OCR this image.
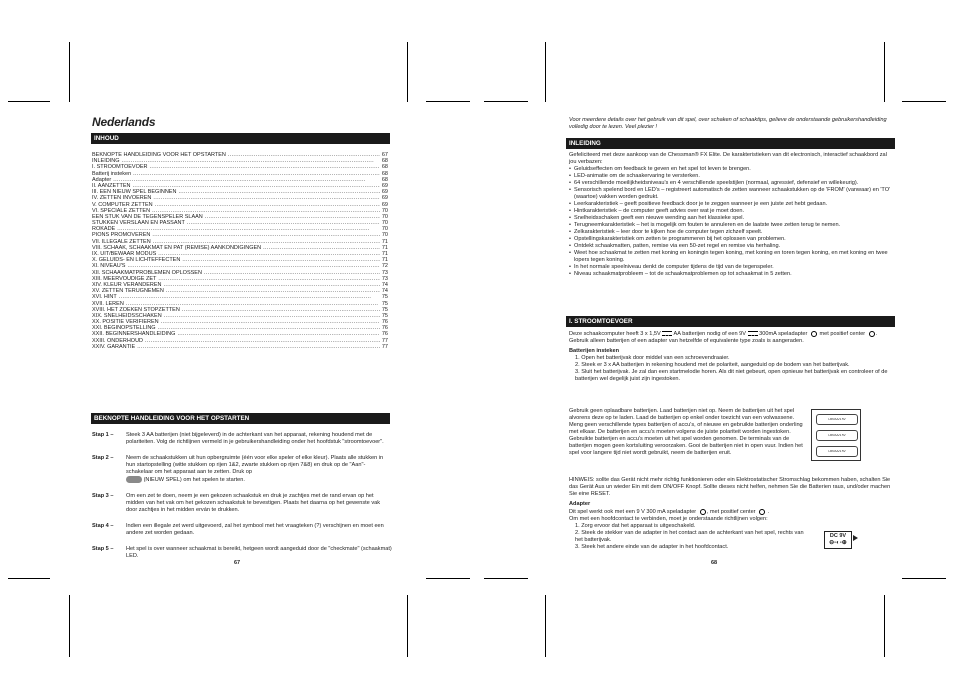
Nederlands
INHOUD
BEKNOPTE HANDLEIDING VOOR HET OPSTARTEN . . .	67
INLEIDING . . .	68
I. STROOMTOEVOER . . .	68
Batterij insteken . . .	68
Adapter . . .	68
II. AANZETTEN . . .	69
III. EEN NIEUW SPEL BEGINNEN . . .	69
IV. ZETTEN INVOEREN . . .	69
V. COMPUTER ZETTEN . . .	69
VI. SPECIALE ZETTEN . . .	70
EEN STUK VAN DE TEGENSPELER SLAAN . . .	70
STUKKEN VERSLAAN EN PASSANT . . .	70
ROKADE . . .	70
PIONS PROMOVEREN . . .	70
VII. ILLEGALE ZETTEN . . .	71
VIII. SCHAAK, SCHAAKMAT EN PAT (REMISE) AANKONDIGINGEN . . .	71
IX. UIT/BEWAAR MODUS . . .	71
X. GELUIDS- EN LICHTEFFECTEN . . .	71
XI. NIVEAU'S . . .	72
XII. SCHAAKMATPROBLEMEN OPLOSSEN . . .	73
XIII. MEERVOUDIGE ZET . . .	73
XIV. KLEUR VERANDEREN . . .	74
XV. ZETTEN TERUGNEMEN . . .	74
XVI. HINT . . .	75
XVII. LEREN . . .	75
XVIII. HET ZOEKEN STOPZETTEN . . .	75
XIX. SNELHEIDSSCHAKEN . . .	75
XX. POSITIE VERIFIEREN . . .	76
XXI. BEGINOPSTELLING . . .	76
XXII. BEGINNERSHANDLEIDING . . .	76
XXIII. ONDERHOUD . . .	77
XXIV. GARANTIE . . .	77
BEKNOPTE HANDLEIDING VOOR HET OPSTARTEN
Stap 1 –	Steek 3 AA batterijen (niet bijgeleverd) in de achterkant van het apparaat, rekening houdend met de polariteiten. Volg de richtlijnen vermeld in je gebruikershandleiding onder het hoofdstuk "stroomtoevoer".
Stap 2 –	Neem de schaakstukken uit hun opbergruimte (één voor elke speler of elke kleur). Plaats alle stukken in hun startopstelling (witte stukken op rijen 1&2, zwarte stukken op rijen 7&8) en druk op de "Aan"-schakelaar om het apparaat aan te zetten. Druk op
(NIEUW SPEL) om het spelen te starten.
Stap 3 –	Om een zet te doen, neem je een gekozen schaakstuk en druk je zachtjes met de rand ervan op het midden van het vak om het gekozen schaakstuk te bevestigen. Plaats het daarna op het gewenste vak door zachtjes in het midden erván te drukken.
Stap 4 –	Indien een illegale zet werd uitgevoerd, zal het symbool met het vraagteken (?) verschijnen en moet een andere zet worden gedaan.
Stap 5 –	Het spel is over wanneer schaakmat is bereikt, hetgeen wordt aangeduid door de "checkmate" (schaakmat) LED.
67
Voor meerdere details over het gebruik van dit spel, over schaken of schaaktips, gelieve de onderstaande gebruikershandleiding volledig door te lezen. Veel plezier !
INLEIDING

Gefeliciteerd met deze aankoop van de Chessman® FX Elite. De karakteristieken van dit electronisch, interactief schaakbord zal jou verbazen:

• Geluidseffecten om feedback te geven en het spel tot leven te brengen.
• LED-animatie om de schaakervaring te versterken.
• 64 verschillende moeilijkheidsniveau's en 4 verschillende speelstijlen (normaal, agressief, defensief en willekeurig).
• Sensorisch spelend bord en LED's – registreert automatisch de zetten wanneer schaakstukken op de 'FROM' (vanwaar) en 'TO' (waartoe) vakken worden gedrukt.
• Leerkarakteristiek – geeft positieve feedback door je te zeggen wanneer je een juiste zet hebt gedaan.
• Hintkarakteristiek – de computer geeft advies over wat je moet doen.
• Snelheidsschaken geeft een nieuwe wending aan het klassieke spel.
• Terugneemkarakteristiek – het is mogelijk om fouten te annuleren en de laatste twee zetten terug te nemen.
• Zelkarakteristiek – leer door te kijken hoe de computer tegen zichzelf speelt.
• Opstellingskarakteristiek om zetten te programmeren bij het oplossen van problemen.
• Ontdekt schaakmatten, patten, remise via een 50-zet regel en remise via herhaling.
• Weet hoe schaakmat te zetten met koning en koningin tegen koning, met koning en toren tegen koning, en met koning en twee lopers tegen koning.
• In het normale speelniveau denkt de computer tijdens de tijd van de tegenspeler.
• Niveau schaakmatprobleem – tot de schaakmatproblemen op tot schaakmat in 5 zetten.
I. STROOMTOEVOER

Deze schaakcomputer heeft 3 x 1,5V AA batterijen nodig of een 9V 300mA speladapter met positief center . Gebruik alleen batterijen of een adapter van hetzelfde of equivalente type zoals is aangeraden.

Batterijen insteken

1. Open het batterijvak door middel van een schroevendraaier.
2. Steek er 3 x AA batterijen in rekening houdend met de polariteit, aangeduid op de bodem van het batterijvak.
3. Sluit het batterijvak. Je zal dan een startmelodie horen. Als dit niet gebeurt, open opnieuw het batterijvak en controleer of de batterijen wel degelijk juist zijn ingestoken.

Gebruik geen oplaadbare batterijen. Laad batterijen niet op. Neem de batterijen uit het spel alvorens deze op te laden. Laad de batterijen op enkel onder toezicht van een volwassene. Meng geen verschillende types batterijen of accu's, of nieuwe en gebruikte batterijen onderling met elkaar. De batterijen en accu's moeten volgens de juiste polariteit worden ingestoken. Gebruikte batterijen en accu's moeten uit het spel worden genomen. De terminals van de batterijen mogen geen kortsluiting veroorzaken. Gooi de batterijen niet in open vuur. Indien het spel voor langere tijd niet wordt gebruikt, neem de batterijen eruit.

LR6/AA/1.5V
LR6/AA/1.5V
LR6/AA/1.5V

HINWEIS: sollte das Gerät nicht mehr richtig funktionieren oder ein Elektrostatischer Stromschlag bekommen haben, schalten Sie das Gerät Aus un wieder Ein mit dem ON/OFF Knopf. Sollte dieses nicht helfen, nehmen Sie die Batterien raus, und/oder machen Sie eine RESET.

Adapter

Dit spel werkt ook met een 9 V 300 mA speladapter , met positief center  .

Om met een hoofdcontact te verbinden, moet je onderstaande richtlijnen volgen:

1. Zorg ervoor dat het apparaat is uitgeschakeld.
2. Steek de stekker van de adapter in het contact aan de achterkant van het spel, rechts van het batterijvak.
3. Steek het andere einde van de adapter in het hoofdcontact.
DC 9V
⊖-◐-⊕
68
